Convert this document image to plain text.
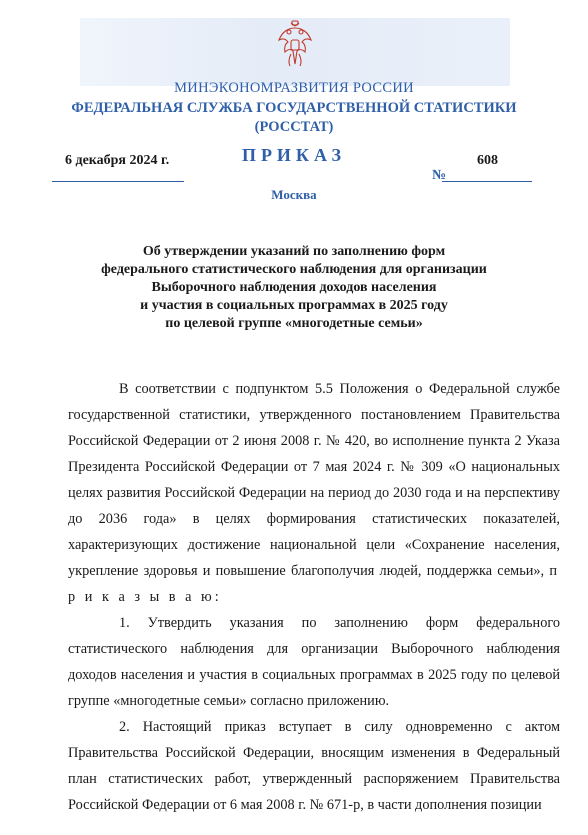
МИНЭКОНОМРАЗВИТИЯ РОССИИ
ФЕДЕРАЛЬНАЯ СЛУЖБА ГОСУДАРСТВЕННОЙ СТАТИСТИКИ
(РОССТАТ)
ПРИКАЗ
6 декабря 2024 г.
№
608
Москва
Об утверждении указаний по заполнению форм
федерального статистического наблюдения для организации
Выборочного наблюдения доходов населения
и участия в социальных программах в 2025 году
по целевой группе «многодетные семьи»
В соответствии с подпунктом 5.5 Положения о Федеральной службе государственной статистики, утвержденного постановлением Правительства Российской Федерации от 2 июня 2008 г. № 420, во исполнение пункта 2 Указа Президента Российской Федерации от 7 мая 2024 г. № 309 «О национальных целях развития Российской Федерации на период до 2030 года и на перспективу до 2036 года» в целях формирования статистических показателей, характеризующих достижение национальной цели «Сохранение населения, укрепление здоровья и повышение благополучия людей, поддержка семьи», п р и к а з ы в а ю:
1. Утвердить указания по заполнению форм федерального статистического наблюдения для организации Выборочного наблюдения доходов населения и участия в социальных программах в 2025 году по целевой группе «многодетные семьи» согласно приложению.
2. Настоящий приказ вступает в силу одновременно с актом Правительства Российской Федерации, вносящим изменения в Федеральный план статистических работ, утвержденный распоряжением Правительства Российской Федерации от 6 мая 2008 г. № 671-р, в части дополнения позиции
